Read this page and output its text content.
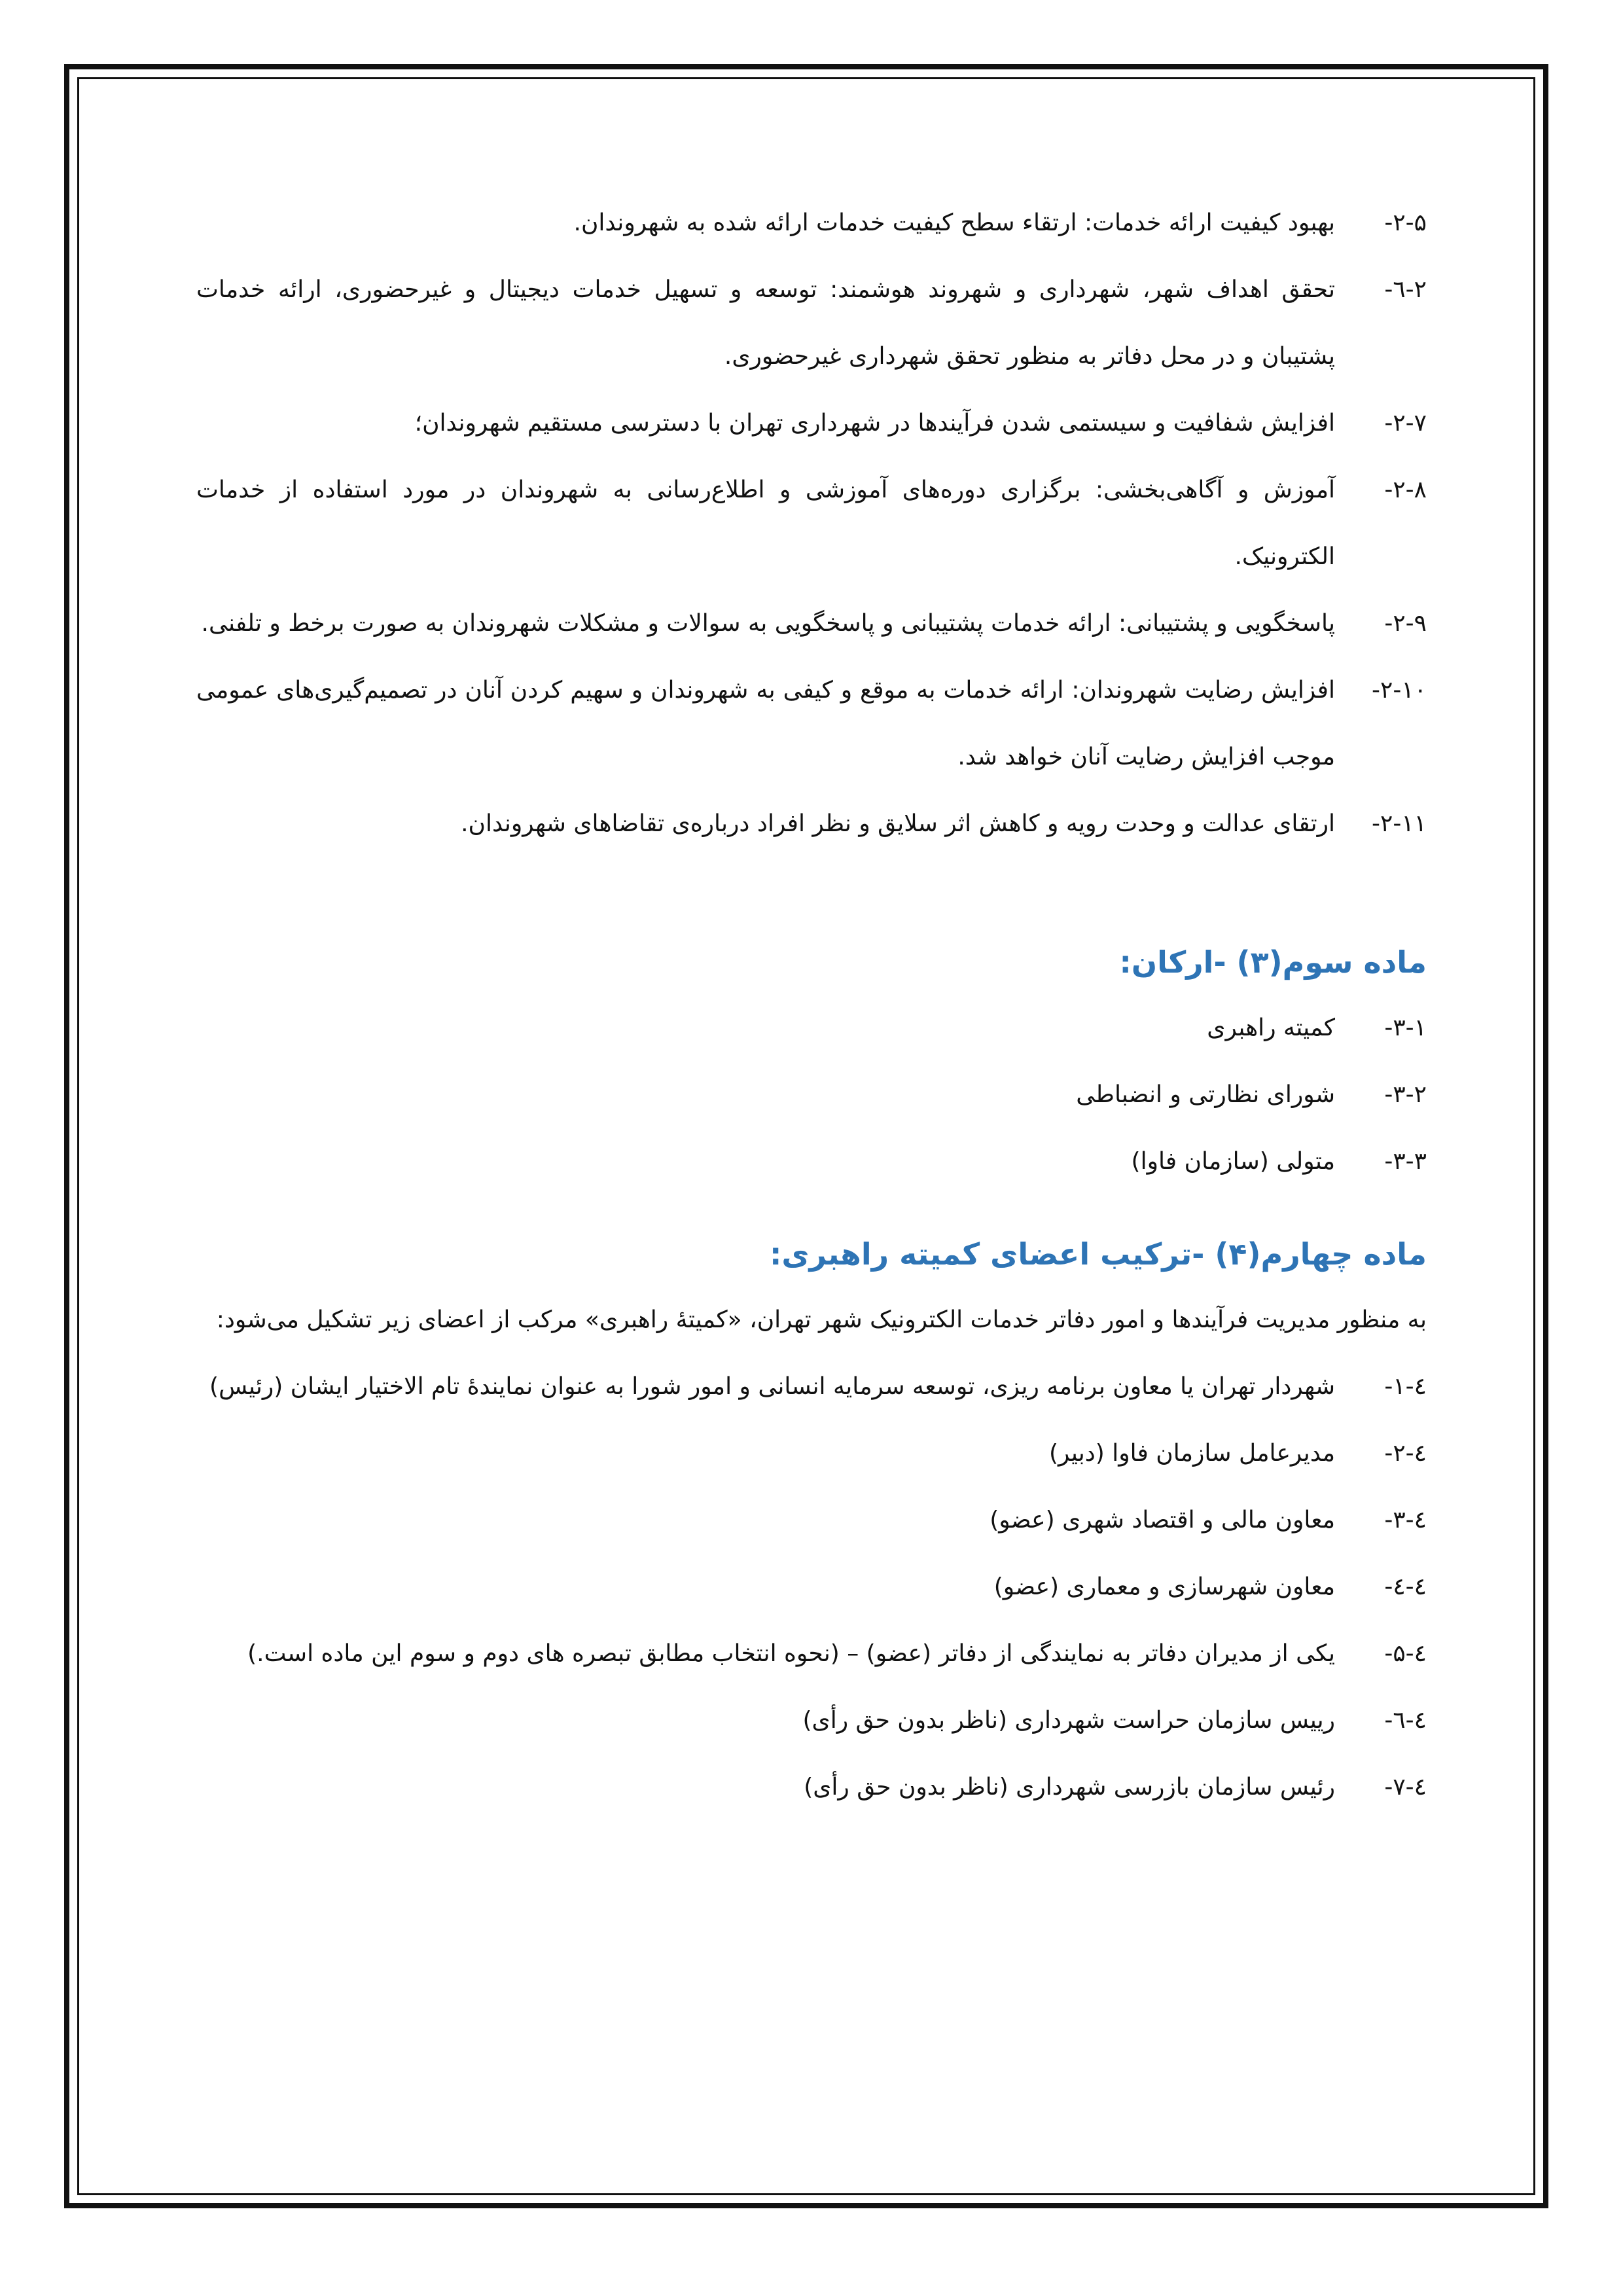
۲-۵-
بهبود کیفیت ارائه خدمات: ارتقاء سطح کیفیت خدمات ارائه شده به شهروندان.
۲-٦-
تحقق اهداف شهر، شهرداری و شهروند هوشمند: توسعه و تسهیل خدمات دیجیتال و غیرحضوری، ارائه خدمات پشتیبان و در محل دفاتر به منظور تحقق شهرداری غیرحضوری.
۲-۷-
افزایش شفافیت و سیستمی شدن فرآیندها در شهرداری تهران با دسترسی مستقیم شهروندان؛
۲-۸-
آموزش و آگاهی‌بخشی: برگزاری دوره‌های آموزشی و اطلاع‌رسانی به شهروندان در مورد استفاده از خدمات الکترونیک.
۲-۹-
پاسخگویی و پشتیبانی: ارائه خدمات پشتیبانی و پاسخگویی به سوالات و مشکلات شهروندان به صورت برخط و تلفنی.
۲-۱۰-
افزایش رضایت شهروندان: ارائه خدمات به موقع و کیفی به شهروندان و سهیم کردن آنان در تصمیم‌گیری‌های عمومی موجب افزایش رضایت آنان خواهد شد.
۲-۱۱-
ارتقای عدالت و وحدت رویه و کاهش اثر سلایق و نظر افراد درباره‌ی تقاضاهای شهروندان.
ماده سوم(۳) -ارکان:
۳-۱-
کمیته راهبری
۳-۲-
شورای نظارتی و انضباطی
۳-۳-
متولی (سازمان فاوا)
ماده چهارم(۴) -ترکیب اعضای کمیته راهبری:
به منظور مدیریت فرآیندها و امور دفاتر خدمات الکترونیک شهر تهران، «کمیتهٔ راهبری» مرکب از اعضای زیر تشکیل می‌شود:
٤-۱-
شهردار تهران یا معاون برنامه ریزی، توسعه سرمایه انسانی و امور شورا به عنوان نمایندهٔ تام الاختیار ایشان (رئیس)
٤-۲-
مدیرعامل سازمان فاوا (دبیر)
٤-۳-
معاون مالی و اقتصاد شهری (عضو)
٤-٤-
معاون شهرسازی و معماری (عضو)
٤-۵-
یکی از مدیران دفاتر به نمایندگی از دفاتر (عضو) – (نحوه انتخاب مطابق تبصره های دوم و سوم این ماده است.)
٤-٦-
رییس سازمان حراست شهرداری (ناظر بدون حق رأی)
٤-۷-
رئیس سازمان بازرسی شهرداری (ناظر بدون حق رأی)
